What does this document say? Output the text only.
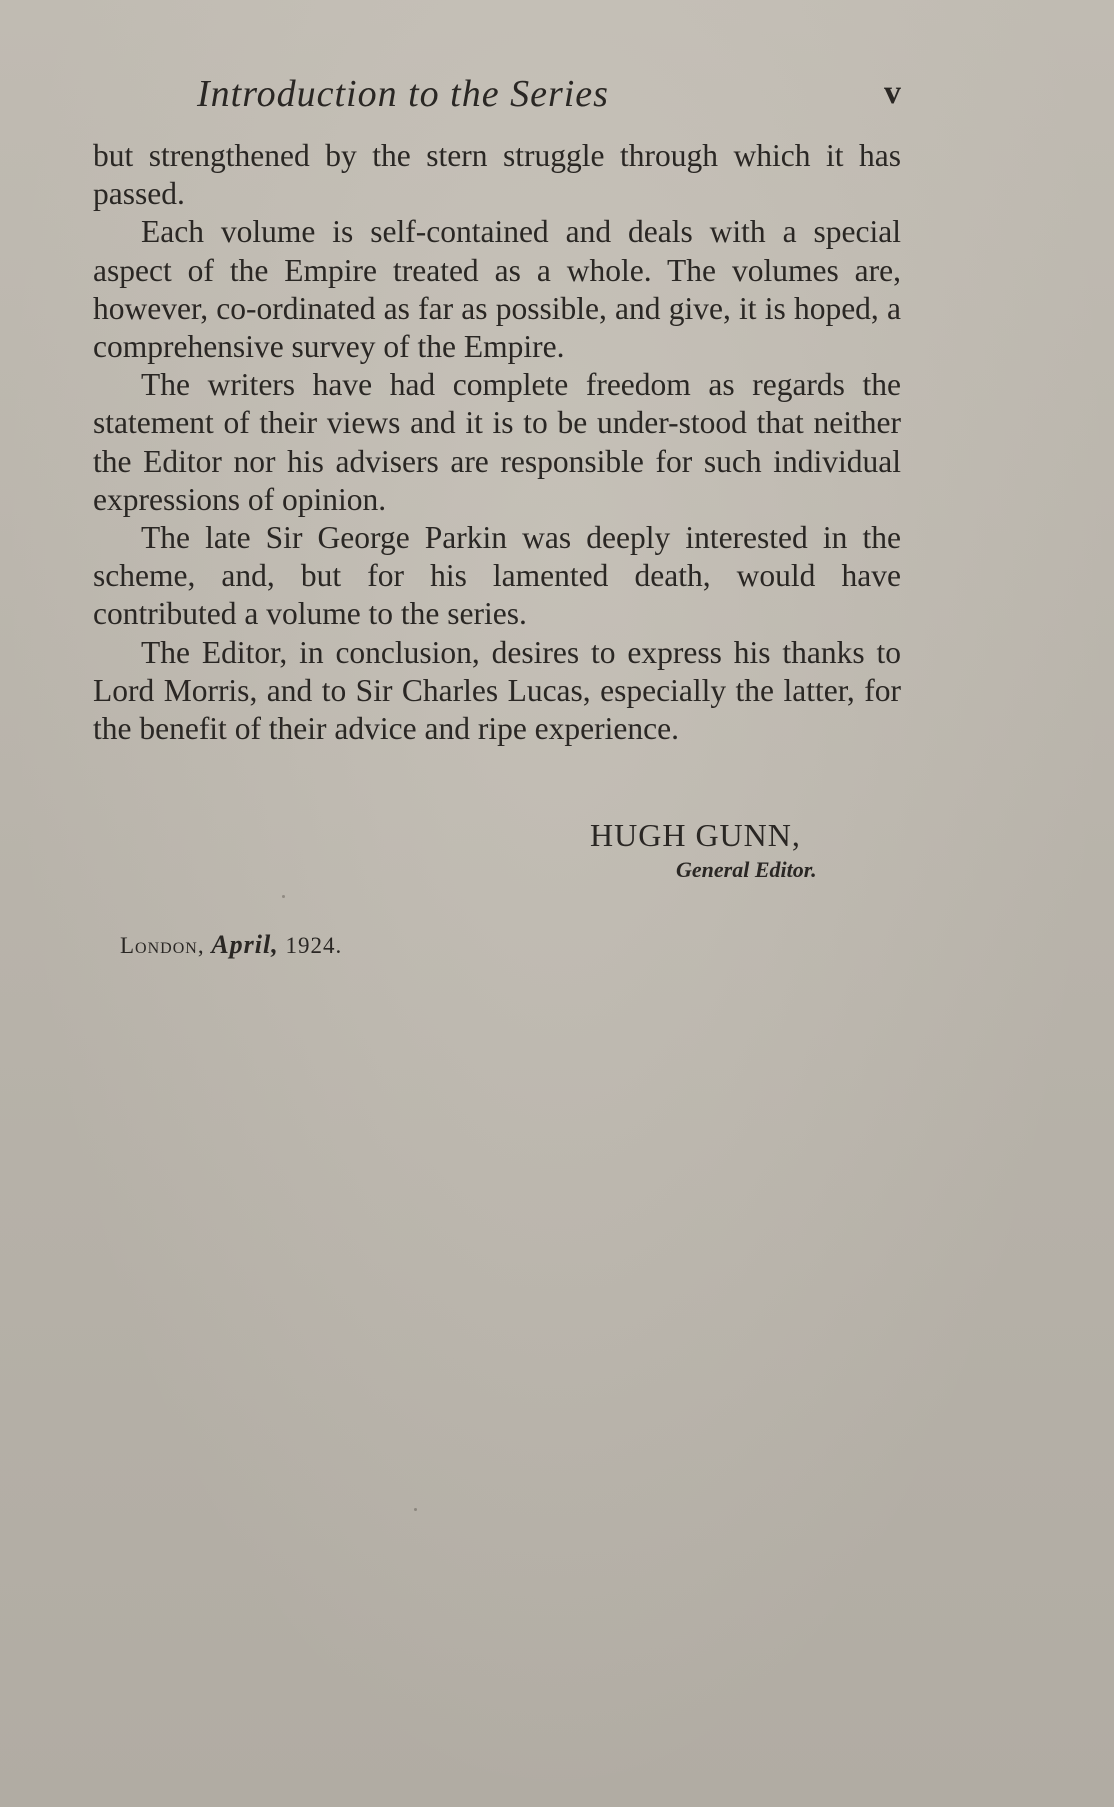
Introduction to the Series	v

but strengthened by the stern struggle through which it has passed.

Each volume is self-contained and deals with a special aspect of the Empire treated as a whole. The volumes are, however, co-ordinated as far as possible, and give, it is hoped, a comprehensive survey of the Empire.

The writers have had complete freedom as regards the statement of their views and it is to be under-stood that neither the Editor nor his advisers are responsible for such individual expressions of opinion.

The late Sir George Parkin was deeply interested in the scheme, and, but for his lamented death, would have contributed a volume to the series.

The Editor, in conclusion, desires to express his thanks to Lord Morris, and to Sir Charles Lucas, especially the latter, for the benefit of their advice and ripe experience.

HUGH GUNN,
General Editor.
London, April, 1924.
